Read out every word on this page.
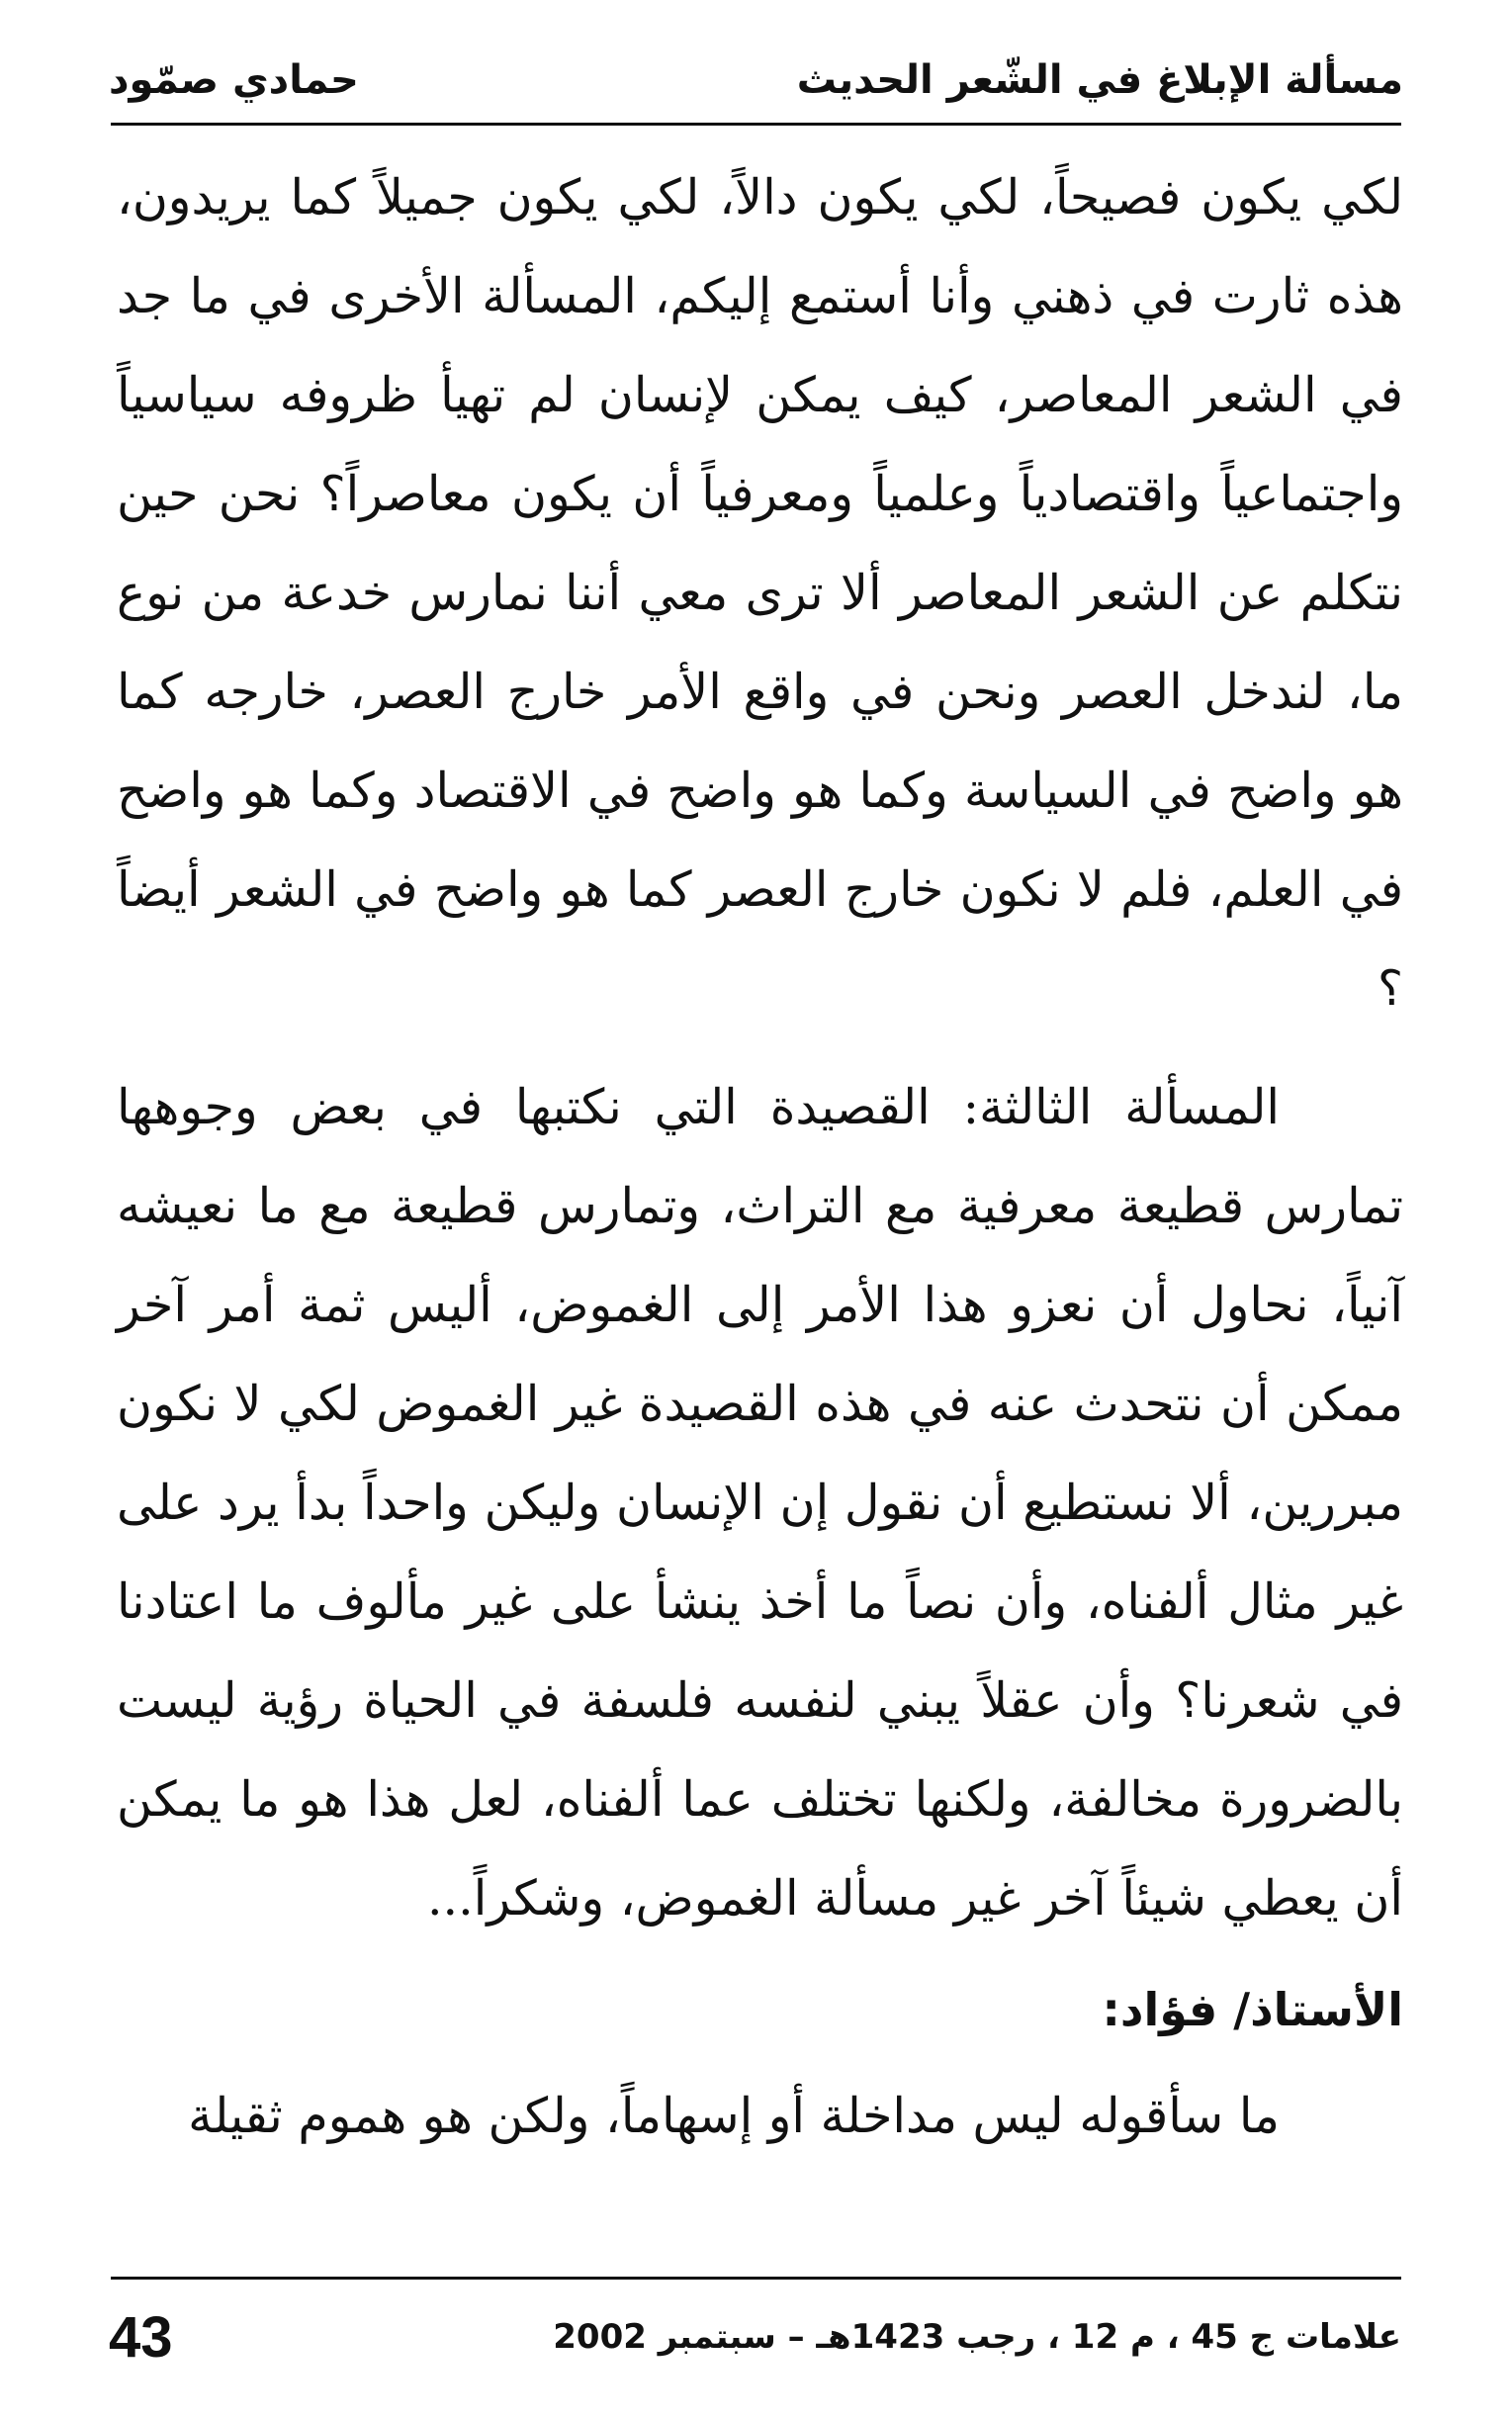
مسألة الإبلاغ في الشّعر الحديث
حمادي صمّود

لكي يكون فصيحاً، لكي يكون دالاً، لكي يكون جميلاً كما يريدون، هذه ثارت في ذهني وأنا أستمع إليكم، المسألة الأخرى في ما جد في الشعر المعاصر، كيف يمكن لإنسان لم تهيأ ظروفه سياسياً واجتماعياً واقتصادياً وعلمياً ومعرفياً أن يكون معاصراً؟ نحن حين نتكلم عن الشعر المعاصر ألا ترى معي أننا نمارس خدعة من نوع ما، لندخل العصر ونحن في واقع الأمر خارج العصر، خارجه كما هو واضح في السياسة وكما هو واضح في الاقتصاد وكما هو واضح في العلم، فلم لا نكون خارج العصر كما هو واضح في الشعر أيضاً ؟

المسألة الثالثة: القصيدة التي نكتبها في بعض وجوهها تمارس قطيعة معرفية مع التراث، وتمارس قطيعة مع ما نعيشه آنياً، نحاول أن نعزو هذا الأمر إلى الغموض، أليس ثمة أمر آخر ممكن أن نتحدث عنه في هذه القصيدة غير الغموض لكي لا نكون مبررين، ألا نستطيع أن نقول إن الإنسان وليكن واحداً بدأ يرد على غير مثال ألفناه، وأن نصاً ما أخذ ينشأ على غير مألوف ما اعتادنا في شعرنا؟ وأن عقلاً يبني لنفسه فلسفة في الحياة رؤية ليست بالضرورة مخالفة، ولكنها تختلف عما ألفناه، لعل هذا هو ما يمكن أن يعطي شيئاً آخر غير مسألة الغموض، وشكراً...

الأستاذ/ فؤاد:

ما سأقوله ليس مداخلة أو إسهاماً، ولكن هو هموم ثقيلة

43	علامات ج 45 ، م 12 ، رجب 1423هـ – سبتمبر 2002
